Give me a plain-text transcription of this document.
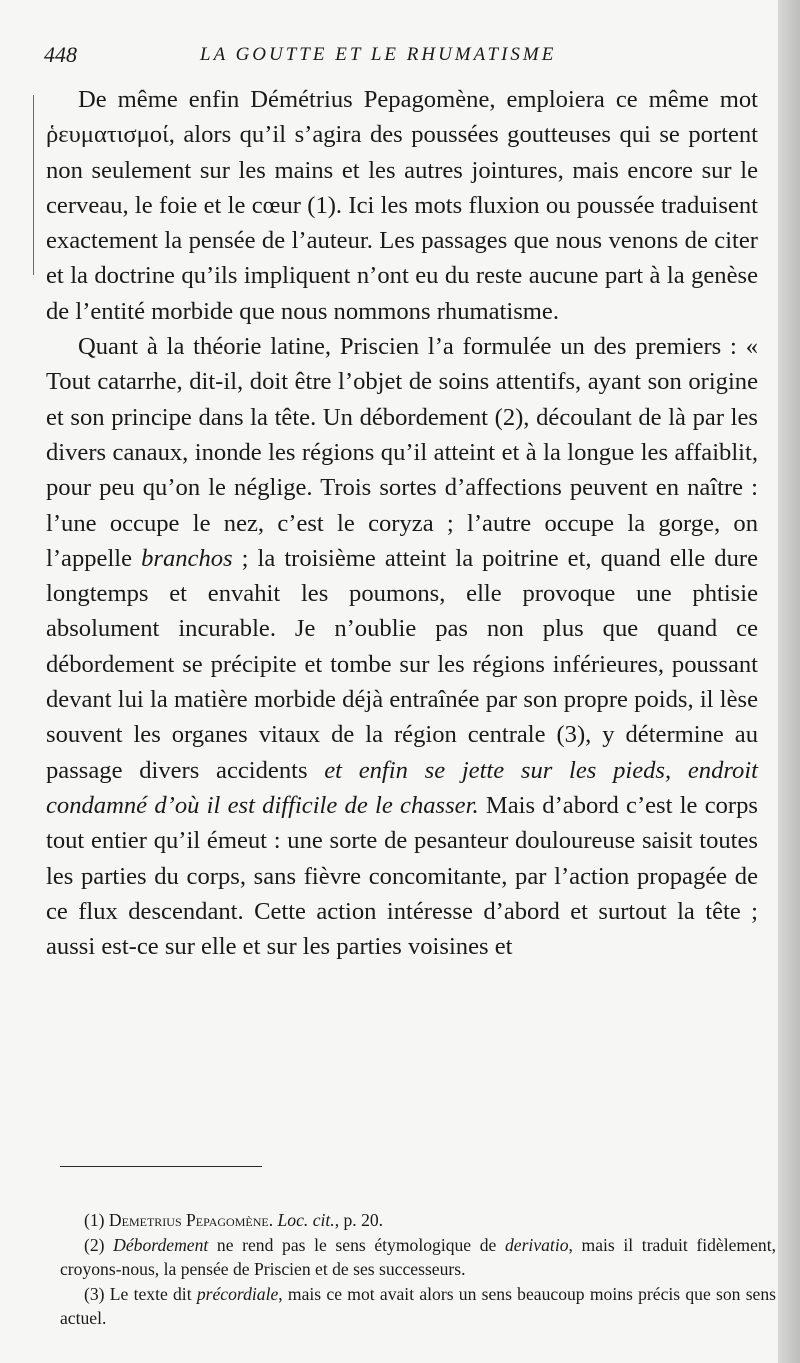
448	LA GOUTTE ET LE RHUMATISME

De même enfin Démétrius Pepagomène, emploiera ce même mot ῥευματισμοί, alors qu’il s’agira des poussées goutteuses qui se portent non seulement sur les mains et les autres jointures, mais encore sur le cerveau, le foie et le cœur (1). Ici les mots fluxion ou poussée traduisent exactement la pensée de l’auteur. Les passages que nous venons de citer et la doctrine qu’ils impliquent n’ont eu du reste aucune part à la genèse de l’entité morbide que nous nommons rhumatisme.

Quant à la théorie latine, Priscien l’a formulée un des premiers : « Tout catarrhe, dit-il, doit être l’objet de soins attentifs, ayant son origine et son principe dans la tête. Un débordement (2), découlant de là par les divers canaux, inonde les régions qu’il atteint et à la longue les affaiblit, pour peu qu’on le néglige. Trois sortes d’affections peuvent en naître : l’une occupe le nez, c’est le coryza ; l’autre occupe la gorge, on l’appelle branchos ; la troisième atteint la poitrine et, quand elle dure longtemps et envahit les poumons, elle provoque une phtisie absolument incurable. Je n’oublie pas non plus que quand ce débordement se précipite et tombe sur les régions inférieures, poussant devant lui la matière morbide déjà entraînée par son propre poids, il lèse souvent les organes vitaux de la région centrale (3), y détermine au passage divers accidents et enfin se jette sur les pieds, endroit condamné d’où il est difficile de le chasser. Mais d’abord c’est le corps tout entier qu’il émeut : une sorte de pesanteur douloureuse saisit toutes les parties du corps, sans fièvre concomitante, par l’action propagée de ce flux descendant. Cette action intéresse d’abord et surtout la tête ; aussi est-ce sur elle et sur les parties voisines et

(1) Demetrius Pepagomène. Loc. cit., p. 20.

(2) Débordement ne rend pas le sens étymologique de derivatio, mais il traduit fidèlement, croyons-nous, la pensée de Priscien et de ses successeurs.

(3) Le texte dit précordiale, mais ce mot avait alors un sens beaucoup moins précis que son sens actuel.
